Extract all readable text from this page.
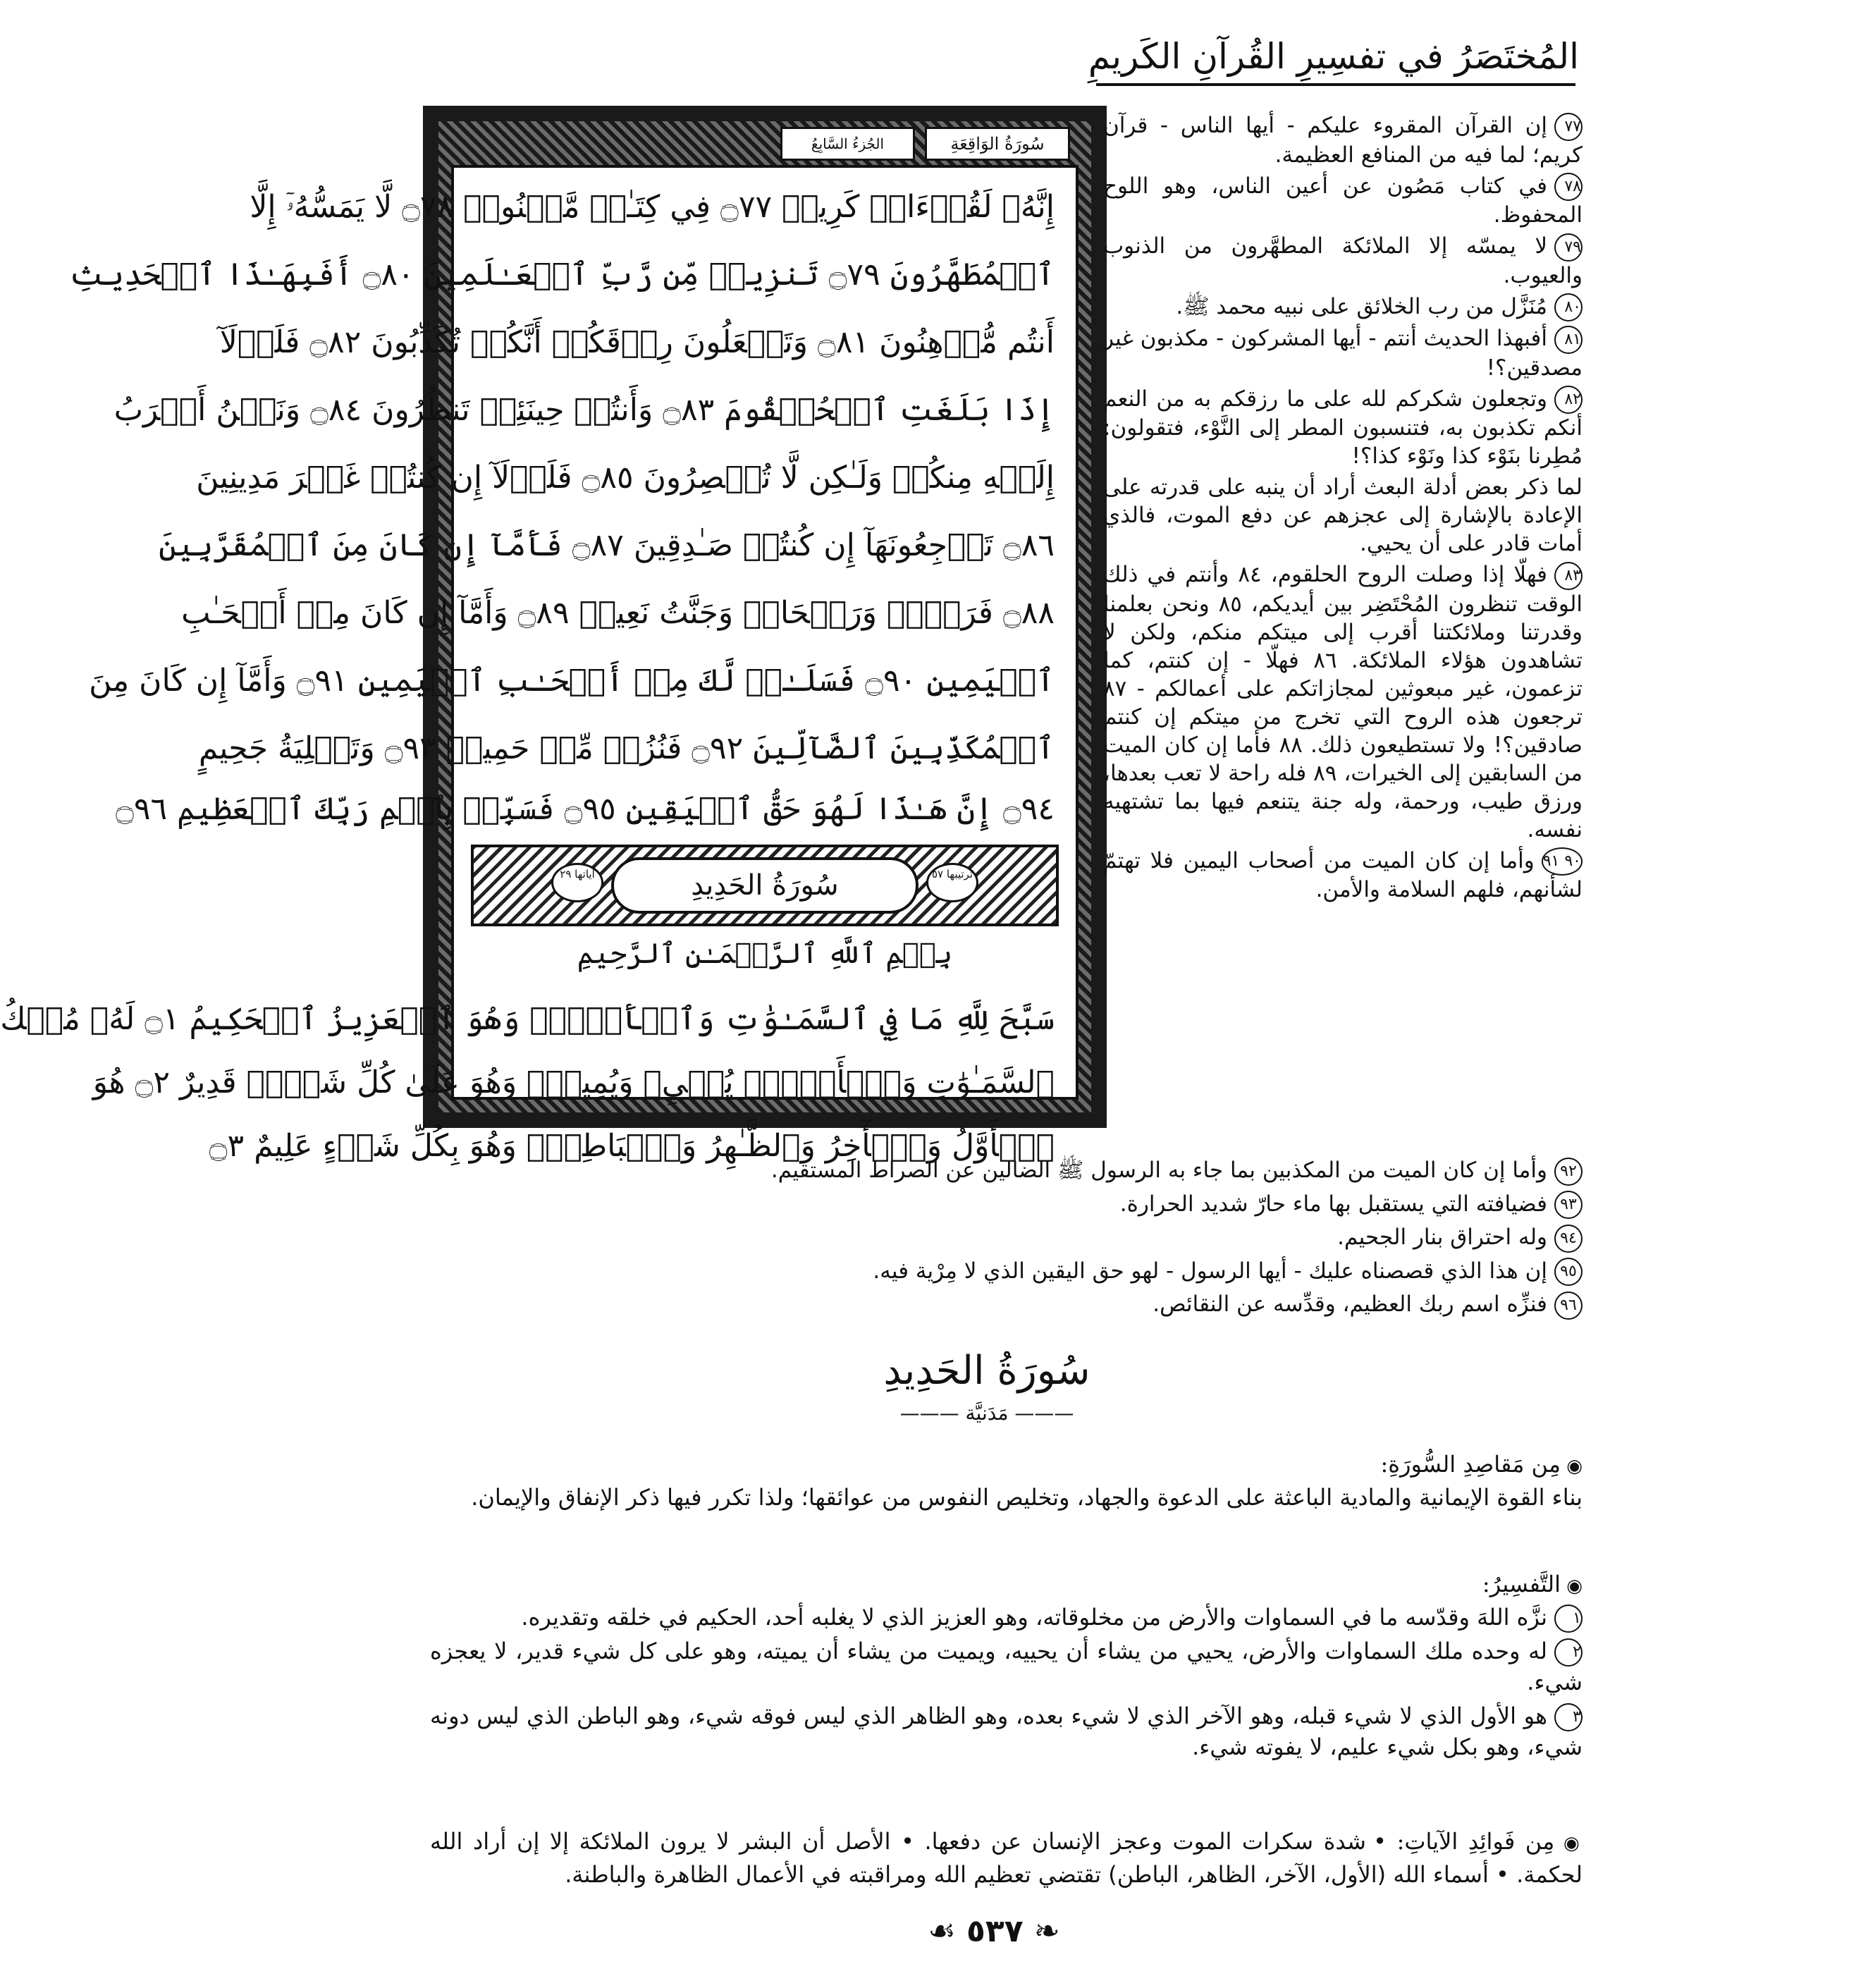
المُختَصَرُ في تفسِيرِ القُرآنِ الكَريمِ
سُورَةُ الوَاقِعَةِ
الجُزءُ السَّابِعُ
إِنَّهُۥ لَقُرۡءَانࣱ كَرِيمࣱ ۝٧٧ فِي كِتَـٰبࣲ مَّكۡنُونࣲ ۝٧٨ لَّا يَمَسُّهُۥٓ إِلَّا
ٱلۡمُطَهَّرُونَ ۝٧٩ تَنزِيلࣱ مِّن رَّبِّ ٱلۡعَـٰلَمِينَ ۝٨٠ أَفَبِهَـٰذَا ٱلۡحَدِيثِ
أَنتُم مُّدۡهِنُونَ ۝٨١ وَتَجۡعَلُونَ رِزۡقَكُمۡ أَنَّكُمۡ تُكَذِّبُونَ ۝٨٢ فَلَوۡلَآ
إِذَا بَلَغَتِ ٱلۡحُلۡقُومَ ۝٨٣ وَأَنتُمۡ حِينَئِذࣲ تَنظُرُونَ ۝٨٤ وَنَحۡنُ أَقۡرَبُ
إِلَيۡهِ مِنكُمۡ وَلَـٰكِن لَّا تُبۡصِرُونَ ۝٨٥ فَلَوۡلَآ إِن كُنتُمۡ غَيۡرَ مَدِينِينَ
۝٨٦ تَرۡجِعُونَهَآ إِن كُنتُمۡ صَـٰدِقِينَ ۝٨٧ فَأَمَّآ إِن كَانَ مِنَ ٱلۡمُقَرَّبِينَ
۝٨٨ فَرَوۡحࣱ وَرَيۡحَانࣱ وَجَنَّتُ نَعِيمࣲ ۝٨٩ وَأَمَّآ إِن كَانَ مِنۡ أَصۡحَـٰبِ
ٱلۡيَمِينِ ۝٩٠ فَسَلَـٰمࣱ لَّكَ مِنۡ أَصۡحَـٰبِ ٱلۡيَمِينِ ۝٩١ وَأَمَّآ إِن كَانَ مِنَ
ٱلۡمُكَذِّبِينَ ٱلضَّآلِّينَ ۝٩٢ فَنُزُلࣱ مِّنۡ حَمِيمࣲ ۝٩٣ وَتَصۡلِيَةُ جَحِيمٍ
۝٩٤ إِنَّ هَـٰذَا لَهُوَ حَقُّ ٱلۡيَقِينِ ۝٩٥ فَسَبِّحۡ بِٱسۡمِ رَبِّكَ ٱلۡعَظِيمِ ۝٩٦
ترتيبها ٥٧
سُورَةُ الحَدِيدِ
آياتها ٢٩
بِسۡمِ ٱللَّهِ ٱلرَّحۡمَـٰنِ ٱلرَّحِيمِ
سَبَّحَ لِلَّهِ مَا فِي ٱلسَّمَـٰوَٰتِ وَٱلۡأَرۡضِۖ وَهُوَ ٱلۡعَزِيزُ ٱلۡحَكِيمُ ۝١ لَهُۥ مُلۡكُ
ٱلسَّمَـٰوَٰتِ وَٱلۡأَرۡضِۖ يُحۡيِۦ وَيُمِيتُۖ وَهُوَ عَلَىٰ كُلِّ شَيۡءࣲ قَدِيرٌ ۝٢ هُوَ
ٱلۡأَوَّلُ وَٱلۡأٓخِرُ وَٱلظَّـٰهِرُ وَٱلۡبَاطِنُۖ وَهُوَ بِكُلِّ شَيۡءٍ عَلِيمٌ ۝٣

٧٧إن القرآن المقروء عليكم - أيها الناس - قرآن كريم؛ لما فيه من المنافع العظيمة.

٧٨في كتاب مَصُون عن أعين الناس، وهو اللوح المحفوظ.

٧٩لا يمسّه إلا الملائكة المطهَّرون من الذنوب والعيوب.

٨٠مُنَزَّل من رب الخلائق على نبيه محمد ﷺ.

٨١أفبهذا الحديث أنتم - أيها المشركون - مكذبون غير مصدقين؟!

٨٢وتجعلون شكركم لله على ما رزقكم به من النعم أنكم تكذبون به، فتنسبون المطر إلى النَّوْء، فتقولون: مُطِرنا بنَوْء كذا ونَوْء كذا؟!

لما ذكر بعض أدلة البعث أراد أن ينبه على قدرته على الإعادة بالإشارة إلى عجزهم عن دفع الموت، فالذي أمات قادر على أن يحيي.

٨٣فهلّا إذا وصلت الروح الحلقوم، ٨٤ وأنتم في ذلك الوقت تنظرون المُحْتَضِر بين أيديكم، ٨٥ ونحن بعلمنا وقدرتنا وملائكتنا أقرب إلى ميتكم منكم، ولكن لا تشاهدون هؤلاء الملائكة. ٨٦ فهلّا - إن كنتم، كما تزعمون، غير مبعوثين لمجازاتكم على أعمالكم - ٨٧ ترجعون هذه الروح التي تخرج من ميتكم إن كنتم صادقين؟! ولا تستطيعون ذلك. ٨٨ فأما إن كان الميت من السابقين إلى الخيرات، ٨٩ فله راحة لا تعب بعدها، ورزق طيب، ورحمة، وله جنة يتنعم فيها بما تشتهيه نفسه.

٩٠ ٩١وأما إن كان الميت من أصحاب اليمين فلا تهتمّ لشأنهم، فلهم السلامة والأمن.

٩٢وأما إن كان الميت من المكذبين بما جاء به الرسول ﷺ الضالين عن الصراط المستقيم.

٩٣فضيافته التي يستقبل بها ماء حارّ شديد الحرارة.

٩٤وله احتراق بنار الجحيم.

٩٥إن هذا الذي قصصناه عليك - أيها الرسول - لهو حق اليقين الذي لا مِرْية فيه.

٩٦فنزِّه اسم ربك العظيم، وقدِّسه عن النقائص.

سُورَةُ الحَدِيدِ
——— مَدَنيَّة ———
◉ مِن مَقاصِدِ السُّورَةِ:
بناء القوة الإيمانية والمادية الباعثة على الدعوة والجهاد، وتخليص النفوس من عوائقها؛ ولذا تكرر فيها ذكر الإنفاق والإيمان.
◉ التَّفسِيرُ:

١نزَّه اللهَ وقدّسه ما في السماوات والأرض من مخلوقاته، وهو العزيز الذي لا يغلبه أحد، الحكيم في خلقه وتقديره.

٢له وحده ملك السماوات والأرض، يحيي من يشاء أن يحييه، ويميت من يشاء أن يميته، وهو على كل شيء قدير، لا يعجزه شيء.

٣هو الأول الذي لا شيء قبله، وهو الآخر الذي لا شيء بعده، وهو الظاهر الذي ليس فوقه شيء، وهو الباطن الذي ليس دونه شيء، وهو بكل شيء عليم، لا يفوته شيء.

◉ مِن فَوائِدِ الآياتِ: • شدة سكرات الموت وعجز الإنسان عن دفعها. • الأصل أن البشر لا يرون الملائكة إلا إن أراد الله لحكمة. • أسماء الله (الأول، الآخر، الظاهر، الباطن) تقتضي تعظيم الله ومراقبته في الأعمال الظاهرة والباطنة.
❧ ٥٣٧ ☙
